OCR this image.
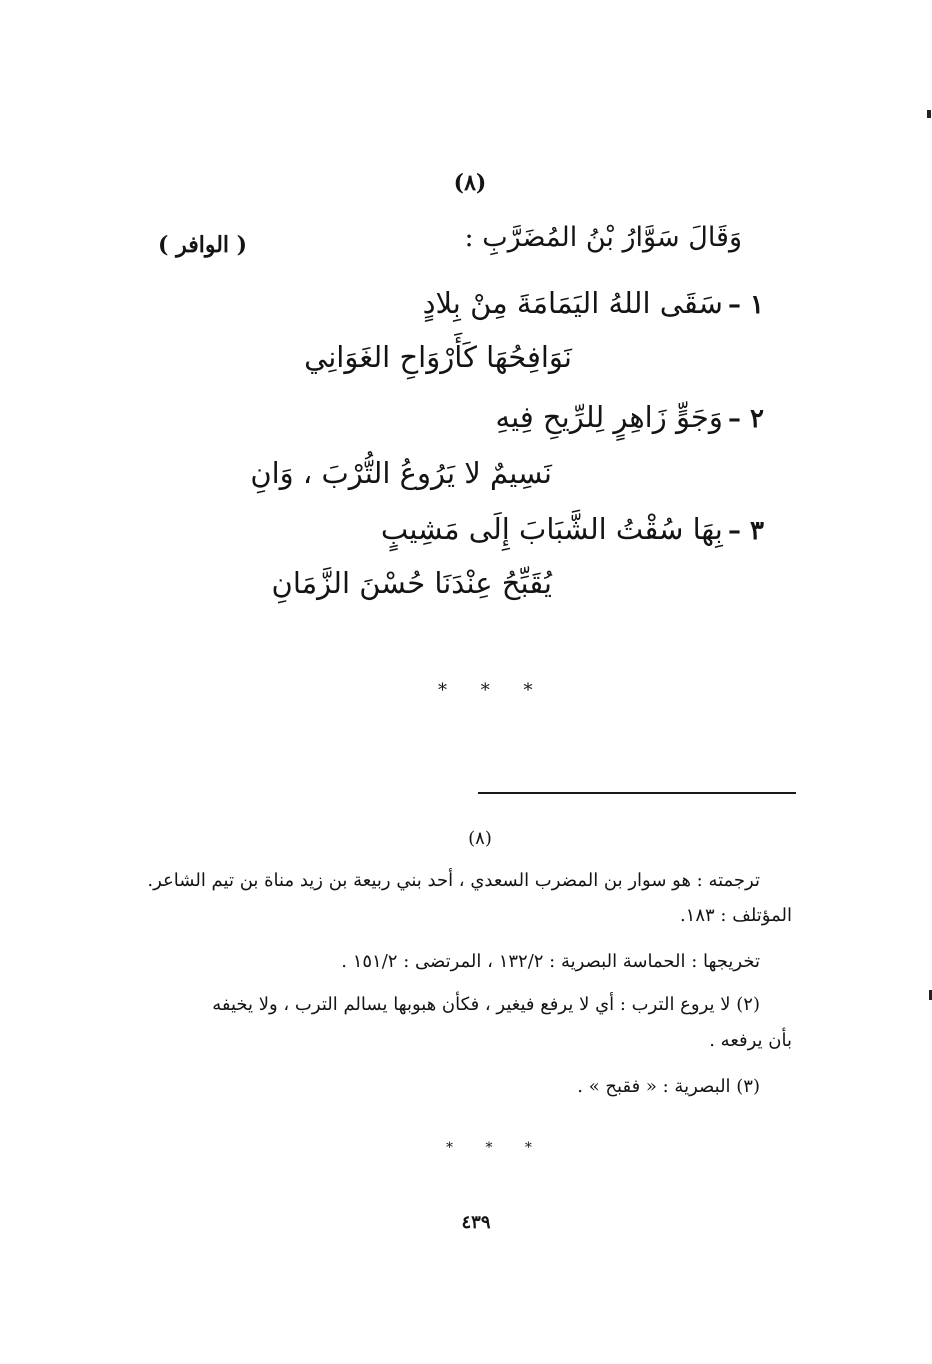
(٨)
وَقَالَ سَوَّارُ بْنُ المُضَرَّبِ :
( الوافر )
١ – سَقَى اللهُ اليَمَامَةَ مِنْ بِلادٍ
نَوَافِحُهَا كَأَرْوَاحِ الغَوَانِي
٢ – وَجَوٍّ زَاهِرٍ لِلرِّيحِ فِيهِ
نَسِيمٌ لا يَرُوعُ التُّرْبَ ، وَانِ
٣ – بِهَا سُقْتُ الشَّبَابَ إِلَى مَشِيبٍ
يُقَبِّحُ عِنْدَنَا حُسْنَ الزَّمَانِ
* * *
(٨)
ترجمته : هو سوار بن المضرب السعدي ، أحد بني ربيعة بن زيد مناة بن تيم الشاعر.
المؤتلف : ١٨٣.
تخريجها : الحماسة البصرية : ١٣٢/٢ ، المرتضى : ١٥١/٢ .
(٢) لا يروع الترب : أي لا يرفع فيغير ، فكأن هبوبها يسالم الترب ، ولا يخيفه
بأن يرفعه .
(٣) البصرية : « فقبح » .
* * *
٤٣٩
